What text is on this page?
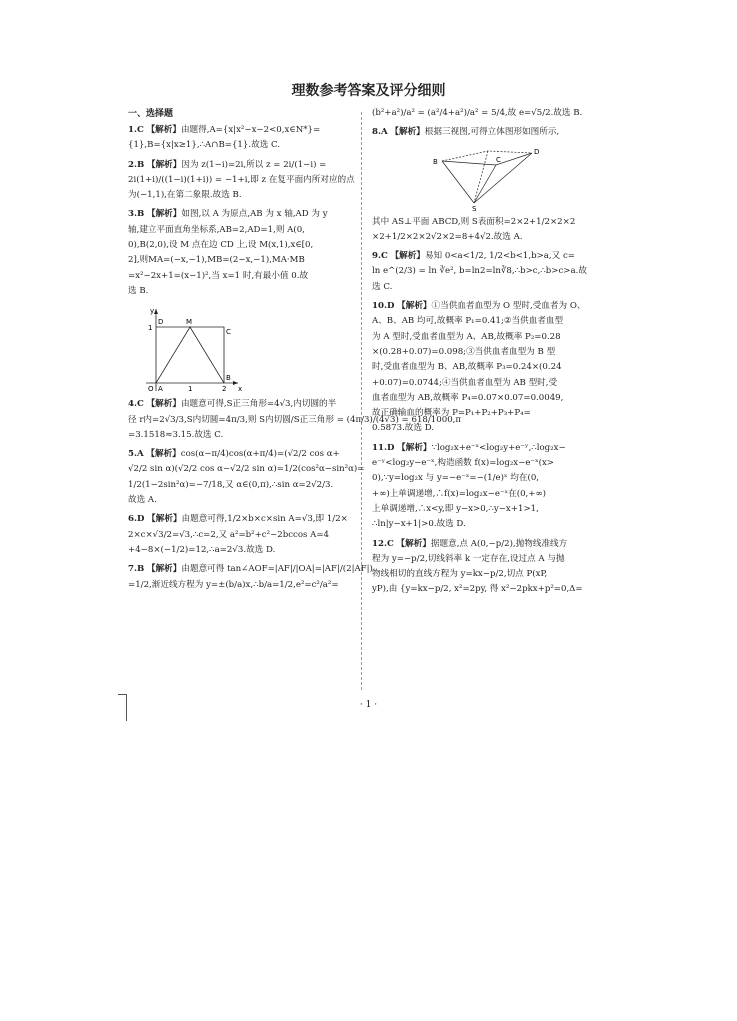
理数参考答案及评分细则
一、选择题
1.C 【解析】由题得,A={x|x²−x−2<0,x∈N*}=
{1},B={x|x≥1},∴A∩B={1}.故选 C.
2.B 【解析】因为 z(1−i)=2i,所以 z = 2i/(1−i) =
2i(1+i)/((1−i)(1+i)) = −1+i,即 z 在复平面内所对应的点
为(−1,1),在第二象限.故选 B.
3.B 【解析】如图,以 A 为原点,AB 为 x 轴,AD 为 y
轴,建立平面直角坐标系,AB=2,AD=1,则 A(0,
0),B(2,0),设 M 点在边 CD 上,设 M(x,1),x∈[0,
2],则MA=(−x,−1),MB=(2−x,−1),MA·MB
=x²−2x+1=(x−1)²,当 x=1 时,有最小值 0.故
选 B.
y
x
O A
B
C
D	M
1
1	2
4.C 【解析】由题意可得,S正三角形=4√3,内切圆的半
径 r内=2√3/3,S内切圆=4π/3,则 S内切圆/S正三角形 = (4π/3)/(4√3) = 618/1000,π
=3.1518≈3.15.故选 C.
5.A 【解析】cos(α−π/4)cos(α+π/4)=(√2/2 cos α+
√2/2 sin α)(√2/2 cos α−√2/2 sin α)=1/2(cos²α−sin²α)=
1/2(1−2sin²α)=−7/18,又 α∈(0,π),∴sin α=2√2/3.
故选 A.
6.D 【解析】由题意可得,1/2×b×c×sin A=√3,即 1/2×
2×c×√3/2=√3,∴c=2,又 a²=b²+c²−2bccos A=4
+4−8×(−1/2)=12,∴a=2√3.故选 D.
7.B 【解析】由题意可得 tan∠AOF=|AF|/|OA|=|AF|/(2|AF|)
=1/2,渐近线方程为 y=±(b/a)x,∴b/a=1/2,e²=c²/a²=
(b²+a²)/a² = (a²/4+a²)/a² = 5/4,故 e=√5/2.故选 B.
8.A 【解析】根据三视图,可得立体图形如图所示,
B	C
D
S
其中 AS⊥平面 ABCD,则 S表面积=2×2+1/2×2×2
×2+1/2×2×2√2×2=8+4√2.故选 A.
9.C 【解析】易知 0<a<1/2, 1/2<b<1,b>a,又 c=
ln e^(2/3) = ln ∛e², b=ln2=ln∛8,∴b>c,∴b>c>a.故
选 C.
10.D 【解析】①当供血者血型为 O 型时,受血者为 O、
A、B、AB 均可,故概率 P₁=0.41;②当供血者血型
为 A 型时,受血者血型为 A、AB,故概率 P₂=0.28
×(0.28+0.07)=0.098;③当供血者血型为 B 型
时,受血者血型为 B、AB,故概率 P₃=0.24×(0.24
+0.07)=0.0744;④当供血者血型为 AB 型时,受
血者血型为 AB,故概率 P₄=0.07×0.07=0.0049,
故正确输血的概率为 P=P₁+P₂+P₃+P₄=
0.5873.故选 D.
11.D 【解析】∵log₂x+e⁻ˣ<log₂y+e⁻ʸ,∴log₂x−
e⁻ʸ<log₂y−e⁻ˣ,构造函数 f(x)=log₂x−e⁻ˣ(x>
0),∵y=log₂x 与 y=−e⁻ˣ=−(1/e)ˣ 均在(0,
+∞)上单调递增,∴f(x)=log₂x−e⁻ˣ在(0,+∞)
上单调递增,∴x<y,即 y−x>0,∴y−x+1>1,
∴ln|y−x+1|>0.故选 D.
12.C 【解析】据题意,点 A(0,−p/2),抛物线准线方
程为 y=−p/2,切线斜率 k 一定存在,设过点 A 与抛
物线相切的直线方程为 y=kx−p/2,切点 P(xP,
yP),由 {y=kx−p/2, x²=2py, 得 x²−2pkx+p²=0,Δ=
· 1 ·
